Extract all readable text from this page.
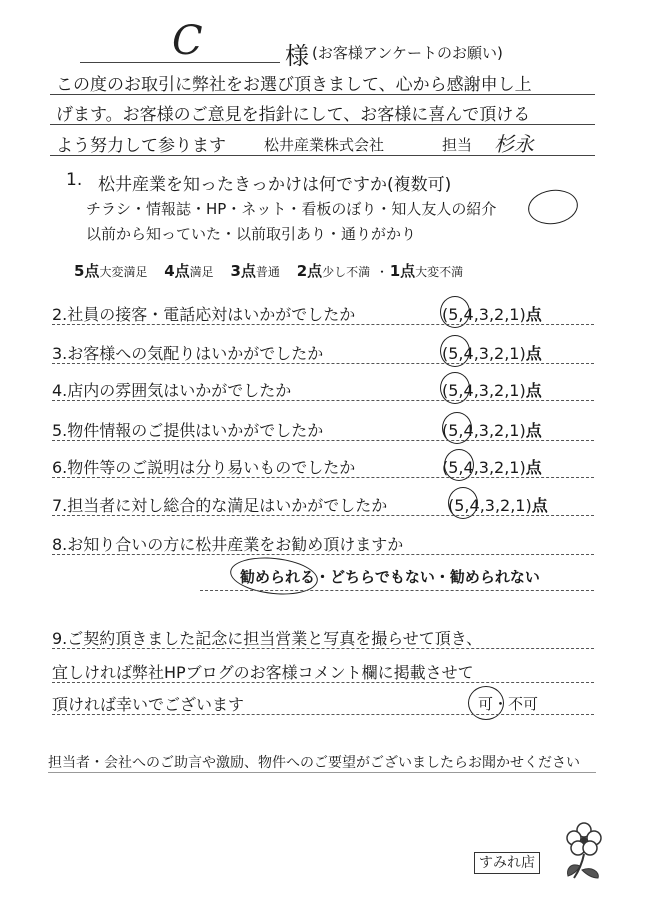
C	様 (お客様アンケートのお願い)
この度のお取引に弊社をお選び頂きまして、心から感謝申し上
げます。お客様のご意見を指針にして、お客様に喜んで頂ける
よう努力して参ります	松井産業株式会社	担当 杉永
1. 松井産業を知ったきっかけは何ですか(複数可)
チラシ・情報誌・HP・ネット・看板のぼり・知人友人の紹介
以前から知っていた・以前取引あり・通りがかり
5点大変満足 4点満足 3点普通 2点少し不満 ･ 1点大変不満
2.社員の接客・電話応対はいかがでしたか	(5,4,3,2,1)点
3.お客様への気配りはいかがでしたか	(5,4,3,2,1)点
4.店内の雰囲気はいかがでしたか	(5,4,3,2,1)点
5.物件情報のご提供はいかがでしたか	(5,4,3,2,1)点
6.物件等のご説明は分り易いものでしたか	(5,4,3,2,1)点
7.担当者に対し総合的な満足はいかがでしたか	(5,4,3,2,1)点
8.お知り合いの方に松井産業をお勧め頂けますか
勧められる・どちらでもない・勧められない
9.ご契約頂きました記念に担当営業と写真を撮らせて頂き、
宜しければ弊社HPブログのお客様コメント欄に掲載させて
頂ければ幸いでございます	可・不可
担当者・会社へのご助言や激励、物件へのご要望がございましたらお聞かせください
すみれ店
